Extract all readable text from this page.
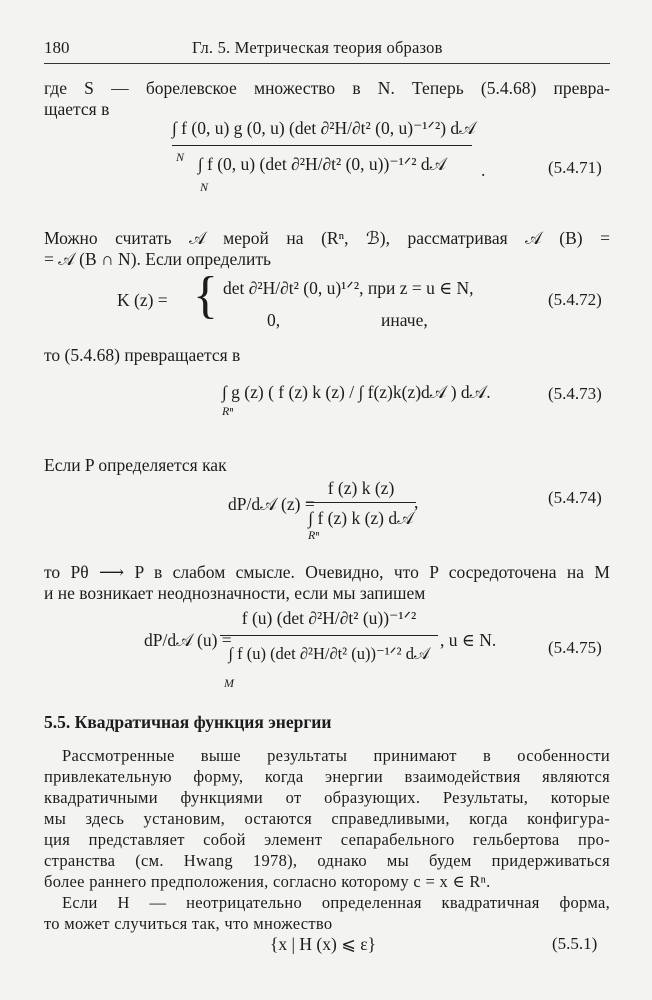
180	Гл. 5. Метрическая теория образов
где S — борелевское множество в N. Теперь (5.4.68) превра-
щается в
∫ f (0, u) g (0, u) (det ∂²H/∂t² (0, u)⁻¹ᐟ²) d𝒜
N ∫ f (0, u) (det ∂²H/∂t² (0, u))⁻¹ᐟ² d𝒜
N
.	(5.4.71)
Можно считать 𝒜 мерой на (Rⁿ, ℬ), рассматривая 𝒜 (B) =
= 𝒜 (B ∩ N). Если определить
K (z) = { det ∂²H/∂t² (0, u)¹ᐟ², при z = u ∈ N,
0,	иначе,
(5.4.72)
то (5.4.68) превращается в
∫ g (z) ( f (z) k (z) / ∫ f(z)k(z)d𝒜 ) d𝒜.
Rⁿ
(5.4.73)
Если P определяется как
dP/d𝒜 (z) =
f (z) k (z)
∫ f (z) k (z) d𝒜
Rⁿ
,	(5.4.74)
то Pθ ⟶ P в слабом смысле. Очевидно, что P сосредоточена на M
и не возникает неоднозначности, если мы запишем
dP/d𝒜 (u) =
f (u) (det ∂²H/∂t² (u))⁻¹ᐟ²
∫ f (u) (det ∂²H/∂t² (u))⁻¹ᐟ² d𝒜
M
, u ∈ N.	(5.4.75)
5.5. Квадратичная функция энергии
Рассмотренные выше результаты принимают в особенности
привлекательную форму, когда энергии взаимодействия являются
квадратичными функциями от образующих. Результаты, которые
мы здесь установим, остаются справедливыми, когда конфигура-
ция представляет собой элемент сепарабельного гельбертова про-
странства (см. Hwang 1978), однако мы будем придерживаться
более раннего предположения, согласно которому c = x ∈ Rⁿ.
Если H — неотрицательно определенная квадратичная форма,
то может случиться так, что множество
{x | H (x) ⩽ ε}	(5.5.1)
